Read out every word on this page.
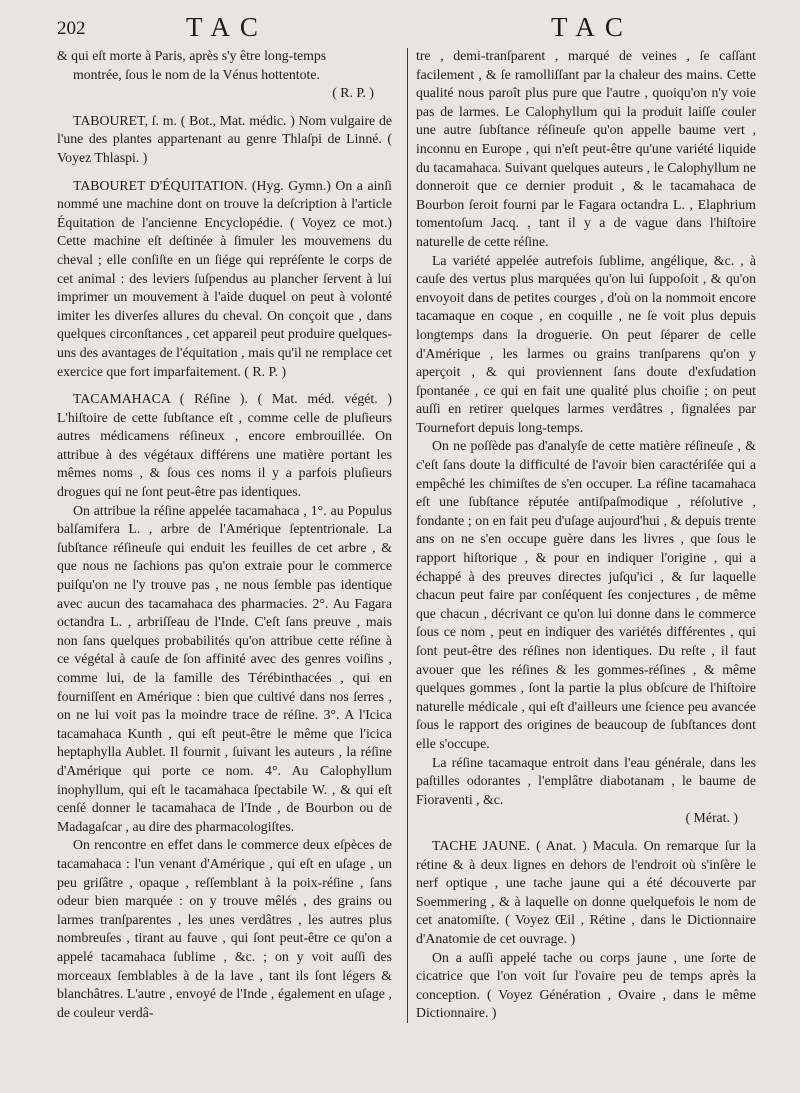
202	TAC	TAC

& qui eſt morte à Paris, après s'y être long-temps

montrée, ſous le nom de la Vénus hottentote.

( R. P. )

TABOURET, ſ. m. ( Bot., Mat. médic. ) Nom vulgaire de l'une des plantes appartenant au genre Thlaſpi de Linné. ( Voyez Thlaspi. )

TABOURET D'ÉQUITATION. (Hyg. Gymn.) On a ainſi nommé une machine dont on trouve la deſcription à l'article Équitation de l'ancienne Encyclopédie. ( Voyez ce mot.) Cette machine eſt deſtinée à ſimuler les mouvemens du cheval ; elle conſiſte en un ſiége qui repréſente le corps de cet animal : des leviers ſuſpendus au plancher ſervent à lui imprimer un mouvement à l'aide duquel on peut à volonté imiter les diverſes allures du cheval. On conçoit que , dans quelques circonſtances , cet appareil peut produire quelques-uns des avantages de l'équitation , mais qu'il ne remplace cet exercice que fort imparfaitement. ( R. P. )

TACAMAHACA ( Réſine ). ( Mat. méd. végét. ) L'hiſtoire de cette ſubſtance eſt , comme celle de pluſieurs autres médicamens réſineux , encore embrouillée. On attribue à des végétaux différens une matière portant les mêmes noms , & ſous ces noms il y a parfois pluſieurs drogues qui ne ſont peut-être pas identiques.

On attribue la réſine appelée tacamahaca , 1°. au Populus balſamifera L. , arbre de l'Amérique ſeptentrionale. La ſubſtance réſineuſe qui enduit les feuilles de cet arbre , & que nous ne ſachions pas qu'on extraie pour le commerce puiſqu'on ne l'y trouve pas , ne nous ſemble pas identique avec aucun des tacamahaca des pharmacies. 2°. Au Fagara octandra L. , arbriſſeau de l'Inde. C'eſt ſans preuve , mais non ſans quelques probabilités qu'on attribue cette réſine à ce végétal à cauſe de ſon affinité avec des genres voiſins , comme lui, de la famille des Térébinthacées , qui en fourniſſent en Amérique : bien que cultivé dans nos ſerres , on ne lui voit pas la moindre trace de réſine. 3°. A l'Icica tacamahaca Kunth , qui eſt peut-être le même que l'icica heptaphylla Aublet. Il fournit , ſuivant les auteurs , la réſine d'Amérique qui porte ce nom. 4°. Au Calophyllum inophyllum, qui eſt le tacamahaca ſpectabile W. , & qui eſt cenſé donner le tacamahaca de l'Inde , de Bourbon ou de Madagaſcar , au dire des pharmacologiſtes.

On rencontre en effet dans le commerce deux eſpèces de tacamahaca : l'un venant d'Amérique , qui eſt en uſage , un peu griſâtre , opaque , reſſemblant à la poix-réſine , ſans odeur bien marquée : on y trouve mêlés , des grains ou larmes tranſparentes , les unes verdâtres , les autres plus nombreuſes , tirant au fauve , qui ſont peut-être ce qu'on a appelé tacamahaca ſublime , &c. ; on y voit auſſi des morceaux ſemblables à de la lave , tant ils ſont légers & blanchâtres. L'autre , envoyé de l'Inde , également en uſage , de couleur verdâ-

tre , demi-tranſparent , marqué de veines , ſe caſſant facilement , & ſe ramolliſſant par la chaleur des mains. Cette qualité nous paroît plus pure que l'autre , quoiqu'on n'y voie pas de larmes. Le Calophyllum qui la produit laiſſe couler une autre ſubſtance réſineuſe qu'on appelle baume vert , inconnu en Europe , qui n'eſt peut-être qu'une variété liquide du tacamahaca. Suivant quelques auteurs , le Calophyllum ne donneroit que ce dernier produit , & le tacamahaca de Bourbon ſeroit fourni par le Fagara octandra L. , Elaphrium tomentoſum Jacq. , tant il y a de vague dans l'hiſtoire naturelle de cette réſine.

La variété appelée autrefois ſublime, angélique, &c. , à cauſe des vertus plus marquées qu'on lui ſuppoſoit , & qu'on envoyoit dans de petites courges , d'où on la nommoit encore tacamaque en coque , en coquille , ne ſe voit plus depuis longtemps dans la droguerie. On peut ſéparer de celle d'Amérique , les larmes ou grains tranſparens qu'on y aperçoit , & qui proviennent ſans doute d'exſudation ſpontanée , ce qui en fait une qualité plus choiſie ; on peut auſſi en retirer quelques larmes verdâtres , ſignalées par Tournefort depuis long-temps.

On ne poſſède pas d'analyſe de cette matière réſineuſe , & c'eſt ſans doute la difficulté de l'avoir bien caractériſée qui a empêché les chimiſtes de s'en occuper. La réſine tacamahaca eſt une ſubſtance réputée antiſpaſmodique , réſolutive , fondante ; on en fait peu d'uſage aujourd'hui , & depuis trente ans on ne s'en occupe guère dans les livres , que ſous le rapport hiſtorique , & pour en indiquer l'origine , qui a échappé à des preuves directes juſqu'ici , & ſur laquelle chacun peut faire par conſéquent ſes conjectures , de même que chacun , décrivant ce qu'on lui donne dans le commerce ſous ce nom , peut en indiquer des variétés différentes , qui ſont peut-être des réſines non identiques. Du reſte , il faut avouer que les réſines & les gommes-réſines , & même quelques gommes , ſont la partie la plus obſcure de l'hiſtoire naturelle médicale , qui eſt d'ailleurs une ſcience peu avancée ſous le rapport des origines de beaucoup de ſubſtances dont elle s'occupe.

La réſine tacamaque entroit dans l'eau générale, dans les paſtilles odorantes , l'emplâtre diabotanam , le baume de Fioraventi , &c.

( Mérat. )

TACHE JAUNE. ( Anat. ) Macula. On remarque ſur la rétine & à deux lignes en dehors de l'endroit où s'inſère le nerf optique , une tache jaune qui a été découverte par Soemmering , & à laquelle on donne quelquefois le nom de cet anatomiſte. ( Voyez Œil , Rétine , dans le Dictionnaire d'Anatomie de cet ouvrage. )

On a auſſi appelé tache ou corps jaune , une ſorte de cicatrice que l'on voit ſur l'ovaire peu de temps après la conception. ( Voyez Génération , Ovaire , dans le même Dictionnaire. )
